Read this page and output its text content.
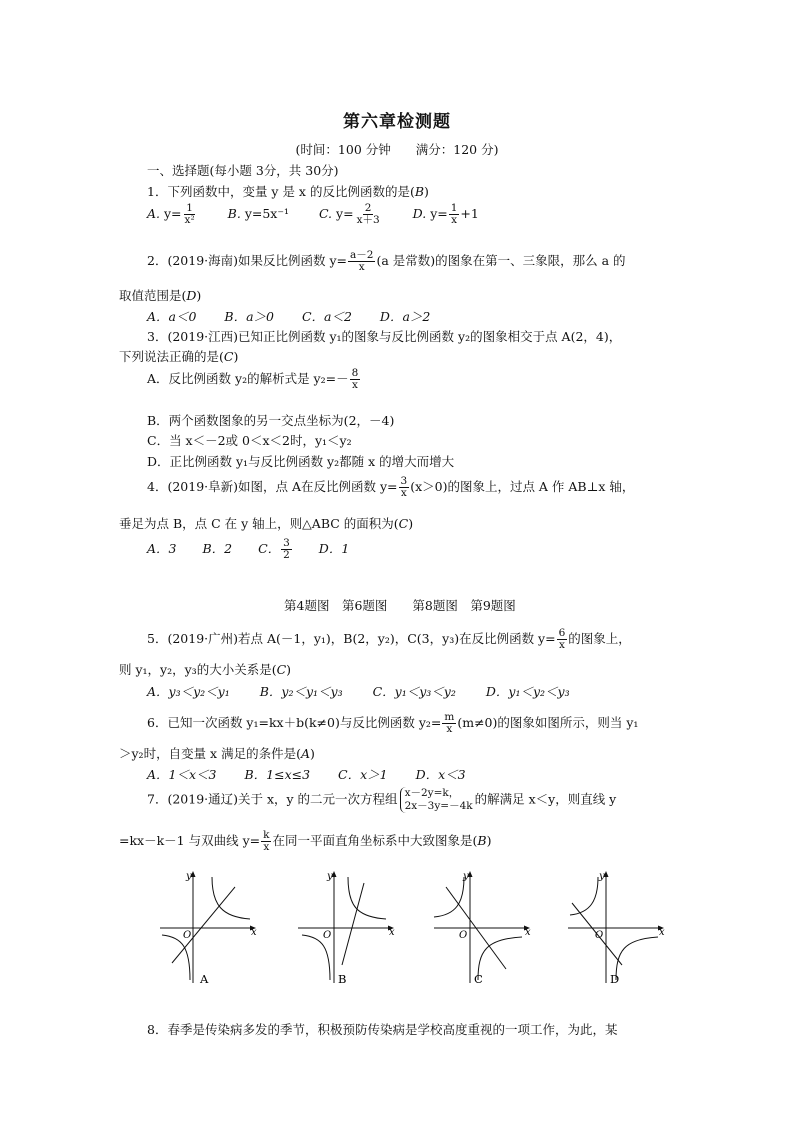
第六章检测题
(时间：100 分钟　　满分：120 分)
一、选择题(每小题 3分，共 30分)
1．下列函数中，变量 y 是 x 的反比例函数的是(B)
A. $y= \frac{1}{\text{x²}} B$. y=5x⁻¹ C. $y= \frac{2}{x+3} D$. $y= \frac{1}{x} +1$
2．(2019·海南)如果反比例函数 $y= \frac{a-2}{x} (a$ 是常数)的图象在第一、三象限，那么 a 的
取值范围是(D)
A．a＜0 B．a＞0 C．a＜2 D．a＞2
3．(2019·江西)已知正比例函数 y₁的图象与反比例函数 y₂的图象相交于点 A(2，4)，
下列说法正确的是(C)
A．反比例函数 y₂的解析式是 $y_2=- \frac{8}{x}$
B．两个函数图象的另一交点坐标为(2，－4)
C．当 x＜－2或 0＜x＜2时，y₁＜y₂
D．正比例函数 y₁与反比例函数 y₂都随 x 的增大而增大
4．(2019·阜新)如图，点 A在反比例函数 $y= \frac{3}{x} (x>0)$的图象上，过点 A 作 AB⊥x 轴，
垂足为点 B，点 C 在 y 轴上，则△ABC 的面积为(C)
A．3 B．2 C． $\frac{3}{2}$ D．1
第4题图　第6题图　　第8题图　第9题图
5．(2019·广州)若点 A(－1，y₁)，B(2，y₂)，C(3，y₃)在反比例函数 $y= \frac{6}{x}$ 的图象上，
则 y₁，y₂，y₃的大小关系是(C)
A．y₃＜y₂＜y₁ B．y₂＜y₁＜y₃ C．y₁＜y₃＜y₂ D．y₁＜y₂＜y₃
6．已知一次函数 y₁=kx＋b(k≠0)与反比例函数 $y_2= \frac{m}{x} (m\ne 0)$的图象如图所示，则当 y₁
＞y₂时，自变量 x 满足的条件是(A)
A．1＜x＜3 B．1≤x≤3 C．x＞1 D．x＜3
7．(2019·通辽)关于 x，y 的二元一次方程组 x－2y=k，
2x－3y=－4k 的解满足 x＜y，则直线 y
=kx－k－1 与双曲线 $y= \frac{k}{x}$ 在同一平面直角坐标系中大致图象是(B)
y
x
O
A
y
x
O
B
y
x
O
C
y
x
O
D
8．春季是传染病多发的季节，积极预防传染病是学校高度重视的一项工作，为此，某
